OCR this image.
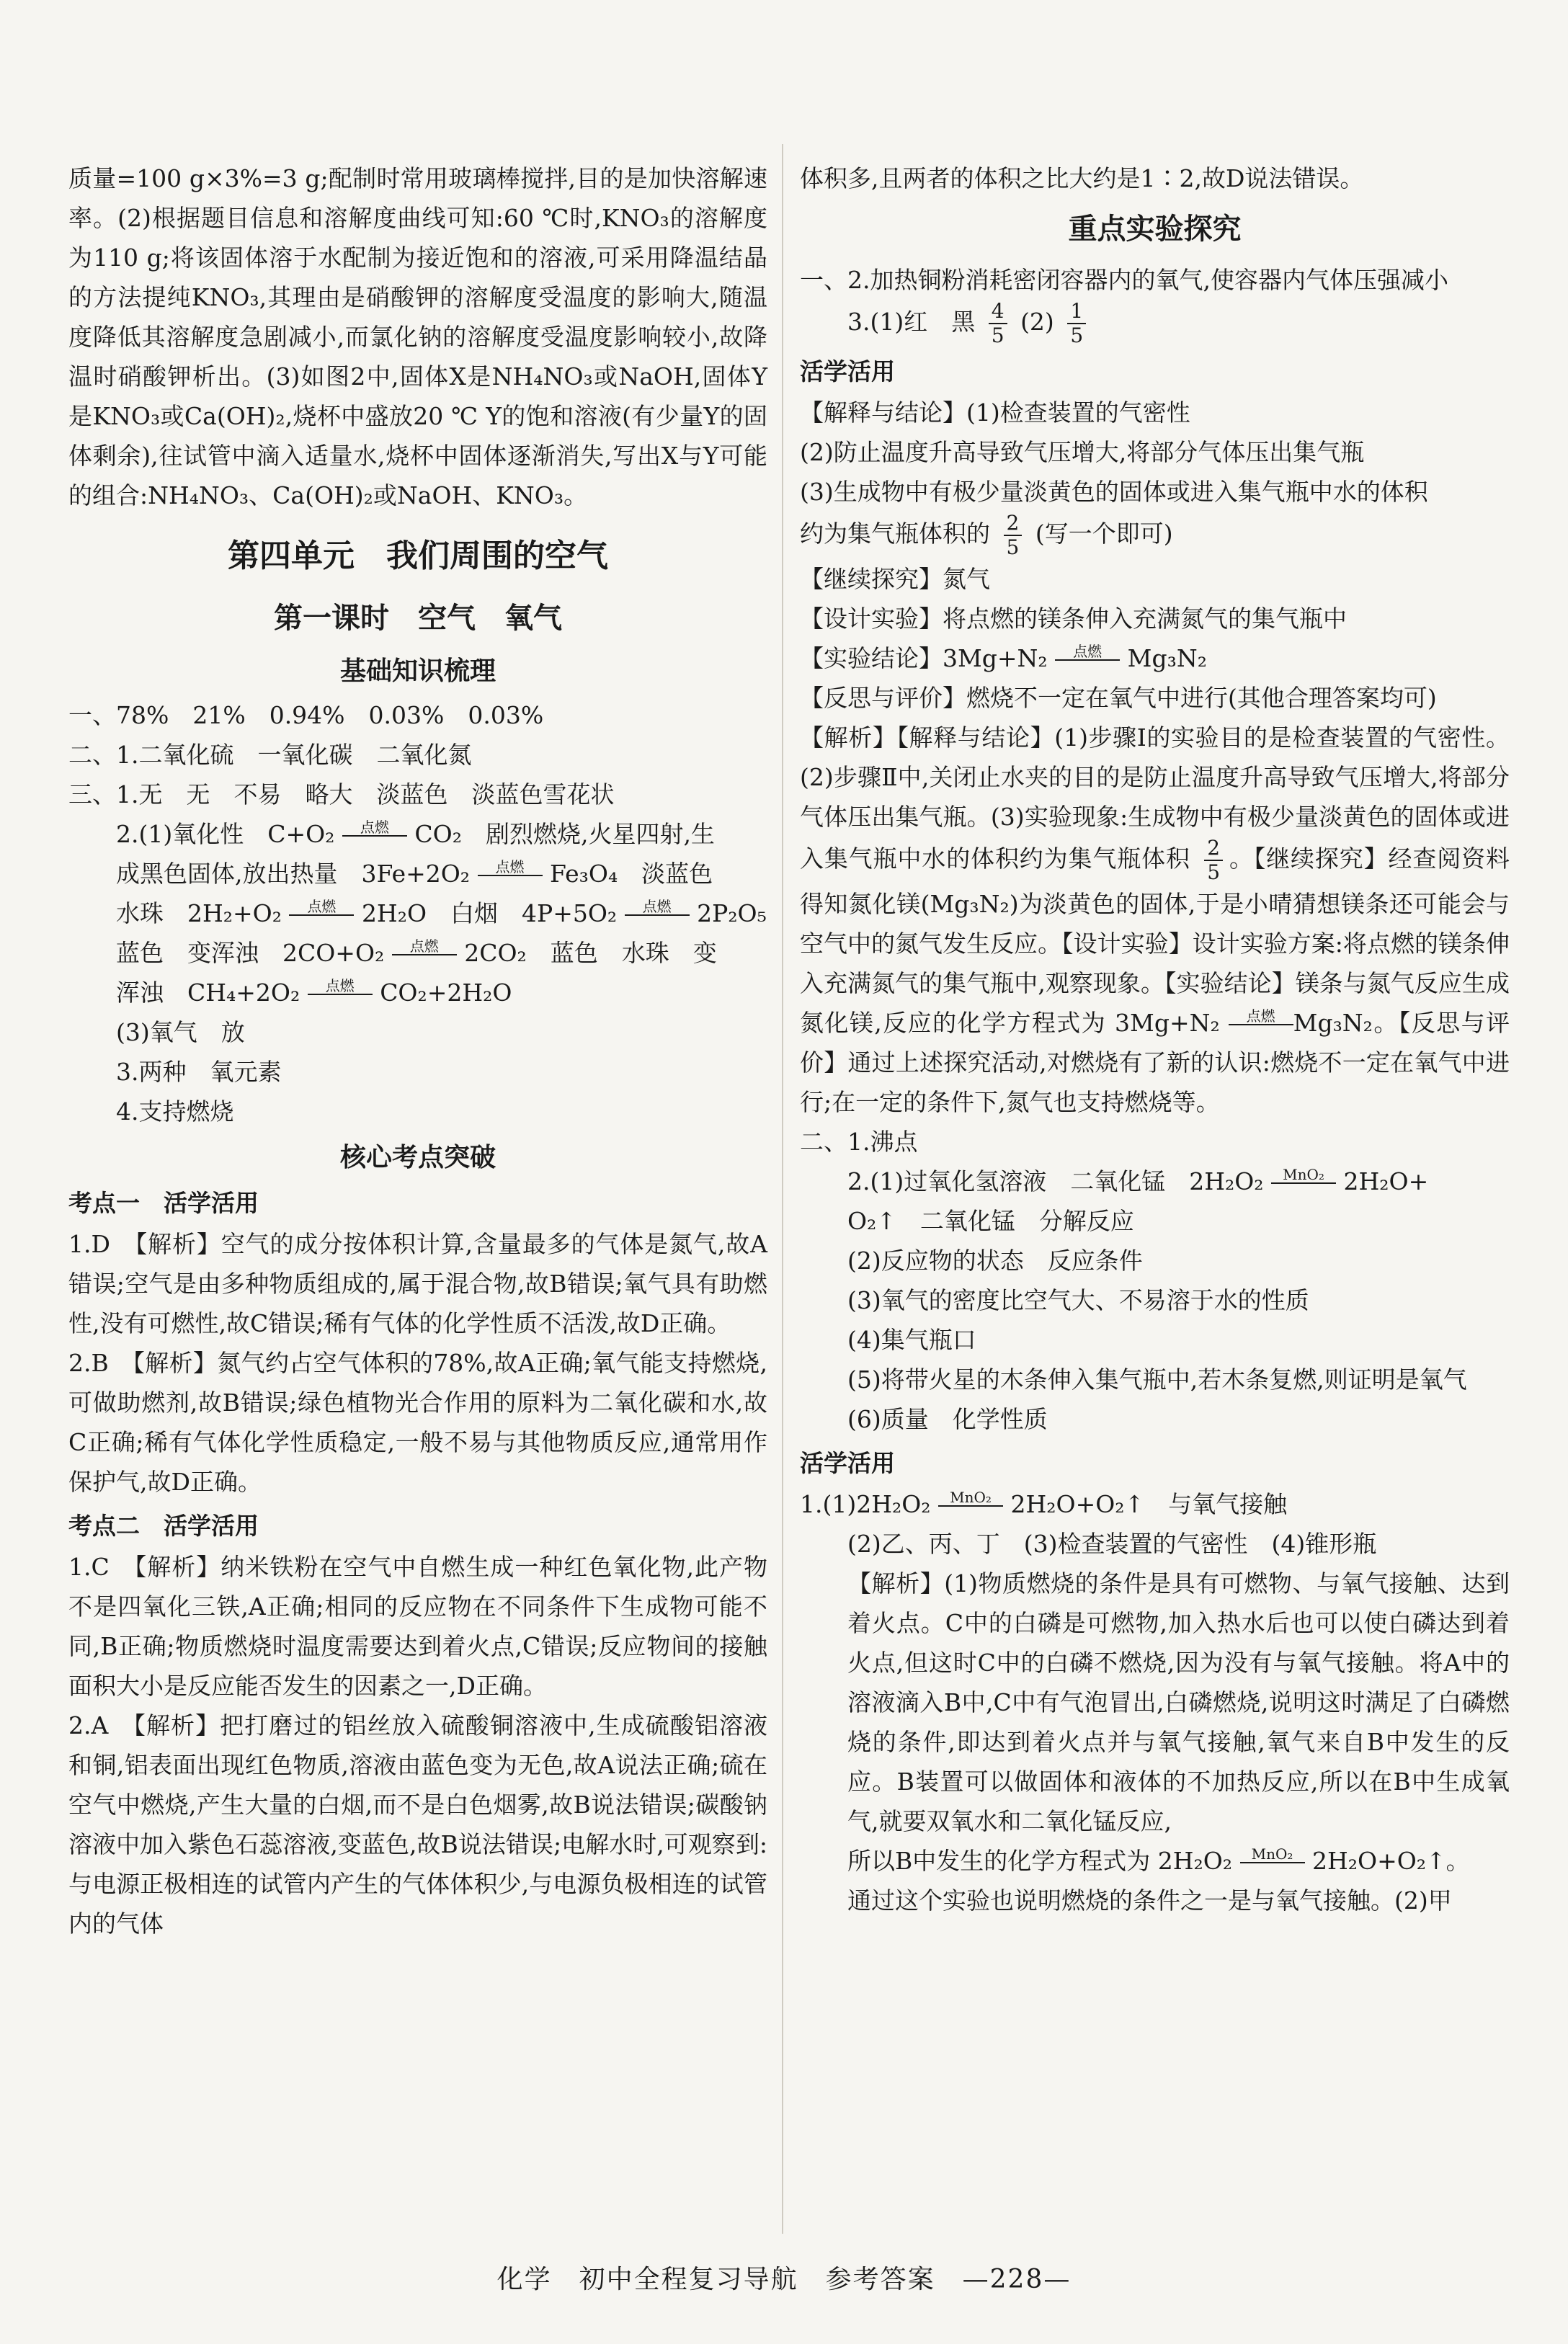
质量=100 g×3%=3 g;配制时常用玻璃棒搅拌,目的是加快溶解速率。(2)根据题目信息和溶解度曲线可知:60 ℃时,KNO₃的溶解度为110 g;将该固体溶于水配制为接近饱和的溶液,可采用降温结晶的方法提纯KNO₃,其理由是硝酸钾的溶解度受温度的影响大,随温度降低其溶解度急剧减小,而氯化钠的溶解度受温度影响较小,故降温时硝酸钾析出。(3)如图2中,固体X是NH₄NO₃或NaOH,固体Y是KNO₃或Ca(OH)₂,烧杯中盛放20 ℃ Y的饱和溶液(有少量Y的固体剩余),往试管中滴入适量水,烧杯中固体逐渐消失,写出X与Y可能的组合:NH₄NO₃、Ca(OH)₂或NaOH、KNO₃。

第四单元　我们周围的空气
第一课时　空气　氧气
基础知识梳理

一、78%　21%　0.94%　0.03%　0.03%

二、1.二氧化硫　一氧化碳　二氧化氮

三、1.无　无　不易　略大　淡蓝色　淡蓝色雪花状

2.(1)氧化性　C+O₂	点燃	CO₂　剧烈燃烧,火星四射,生

成黑色固体,放出热量　3Fe+2O₂	点燃	Fe₃O₄　淡蓝色

水珠　2H₂+O₂	点燃	2H₂O　白烟　4P+5O₂	点燃	2P₂O₅

蓝色　变浑浊　2CO+O₂	点燃	2CO₂　蓝色　水珠　变

浑浊　CH₄+2O₂	点燃	CO₂+2H₂O

(3)氧气　放

3.两种　氧元素

4.支持燃烧

核心考点突破

考点一　活学活用

1.D　【解析】空气的成分按体积计算,含量最多的气体是氮气,故A错误;空气是由多种物质组成的,属于混合物,故B错误;氧气具有助燃性,没有可燃性,故C错误;稀有气体的化学性质不活泼,故D正确。

2.B　【解析】氮气约占空气体积的78%,故A正确;氧气能支持燃烧,可做助燃剂,故B错误;绿色植物光合作用的原料为二氧化碳和水,故C正确;稀有气体化学性质稳定,一般不易与其他物质反应,通常用作保护气,故D正确。

考点二　活学活用

1.C　【解析】纳米铁粉在空气中自燃生成一种红色氧化物,此产物不是四氧化三铁,A正确;相同的反应物在不同条件下生成物可能不同,B正确;物质燃烧时温度需要达到着火点,C错误;反应物间的接触面积大小是反应能否发生的因素之一,D正确。

2.A　【解析】把打磨过的铝丝放入硫酸铜溶液中,生成硫酸铝溶液和铜,铝表面出现红色物质,溶液由蓝色变为无色,故A说法正确;硫在空气中燃烧,产生大量的白烟,而不是白色烟雾,故B说法错误;碳酸钠溶液中加入紫色石蕊溶液,变蓝色,故B说法错误;电解水时,可观察到:与电源正极相连的试管内产生的气体体积少,与电源负极相连的试管内的气体

体积多,且两者的体积之比大约是1∶2,故D说法错误。

重点实验探究

一、2.加热铜粉消耗密闭容器内的氧气,使容器内气体压强减小

3.(1)红　黑 $\frac{4}{5} (2) \frac{1}{5}$

活学活用

【解释与结论】(1)检查装置的气密性

(2)防止温度升高导致气压增大,将部分气体压出集气瓶

(3)生成物中有极少量淡黄色的固体或进入集气瓶中水的体积

约为集气瓶体积的 $\frac{2}{5}$ (写一个即可)

【继续探究】氮气

【设计实验】将点燃的镁条伸入充满氮气的集气瓶中

【实验结论】3Mg+N₂	点燃	Mg₃N₂

【反思与评价】燃烧不一定在氧气中进行(其他合理答案均可)

【解析】【解释与结论】(1)步骤Ⅰ的实验目的是检查装置的气密性。(2)步骤Ⅱ中,关闭止水夹的目的是防止温度升高导致气压增大,将部分气体压出集气瓶。(3)实验现象:生成物中有极少量淡黄色的固体或进入集气瓶中水的体积约为集气瓶体积 $\frac{2}{5}$ 。【继续探究】经查阅资料得知氮化镁(Mg₃N₂)为淡黄色的固体,于是小晴猜想镁条还可能会与空气中的氮气发生反应。【设计实验】设计实验方案:将点燃的镁条伸入充满氮气的集气瓶中,观察现象。【实验结论】镁条与氮气反应生成氮化镁,反应的化学方程式为 3Mg+N₂	点燃 Mg₃N₂。【反思与评价】通过上述探究活动,对燃烧有了新的认识:燃烧不一定在氧气中进行;在一定的条件下,氮气也支持燃烧等。

二、1.沸点

2.(1)过氧化氢溶液　二氧化锰　2H₂O₂	MnO₂ 2H₂O+

O₂↑　二氧化锰　分解反应

(2)反应物的状态　反应条件

(3)氧气的密度比空气大、不易溶于水的性质

(4)集气瓶口

(5)将带火星的木条伸入集气瓶中,若木条复燃,则证明是氧气

(6)质量　化学性质

活学活用

1.(1)2H₂O₂	MnO₂ 2H₂O+O₂↑　与氧气接触

(2)乙、丙、丁　(3)检查装置的气密性　(4)锥形瓶

【解析】(1)物质燃烧的条件是具有可燃物、与氧气接触、达到着火点。C中的白磷是可燃物,加入热水后也可以使白磷达到着火点,但这时C中的白磷不燃烧,因为没有与氧气接触。将A中的溶液滴入B中,C中有气泡冒出,白磷燃烧,说明这时满足了白磷燃烧的条件,即达到着火点并与氧气接触,氧气来自B中发生的反应。B装置可以做固体和液体的不加热反应,所以在B中生成氧气,就要双氧水和二氧化锰反应,

所以B中发生的化学方程式为 2H₂O₂	MnO₂ 2H₂O+O₂↑。

通过这个实验也说明燃烧的条件之一是与氧气接触。(2)甲

化学　初中全程复习导航　参考答案　—228—
